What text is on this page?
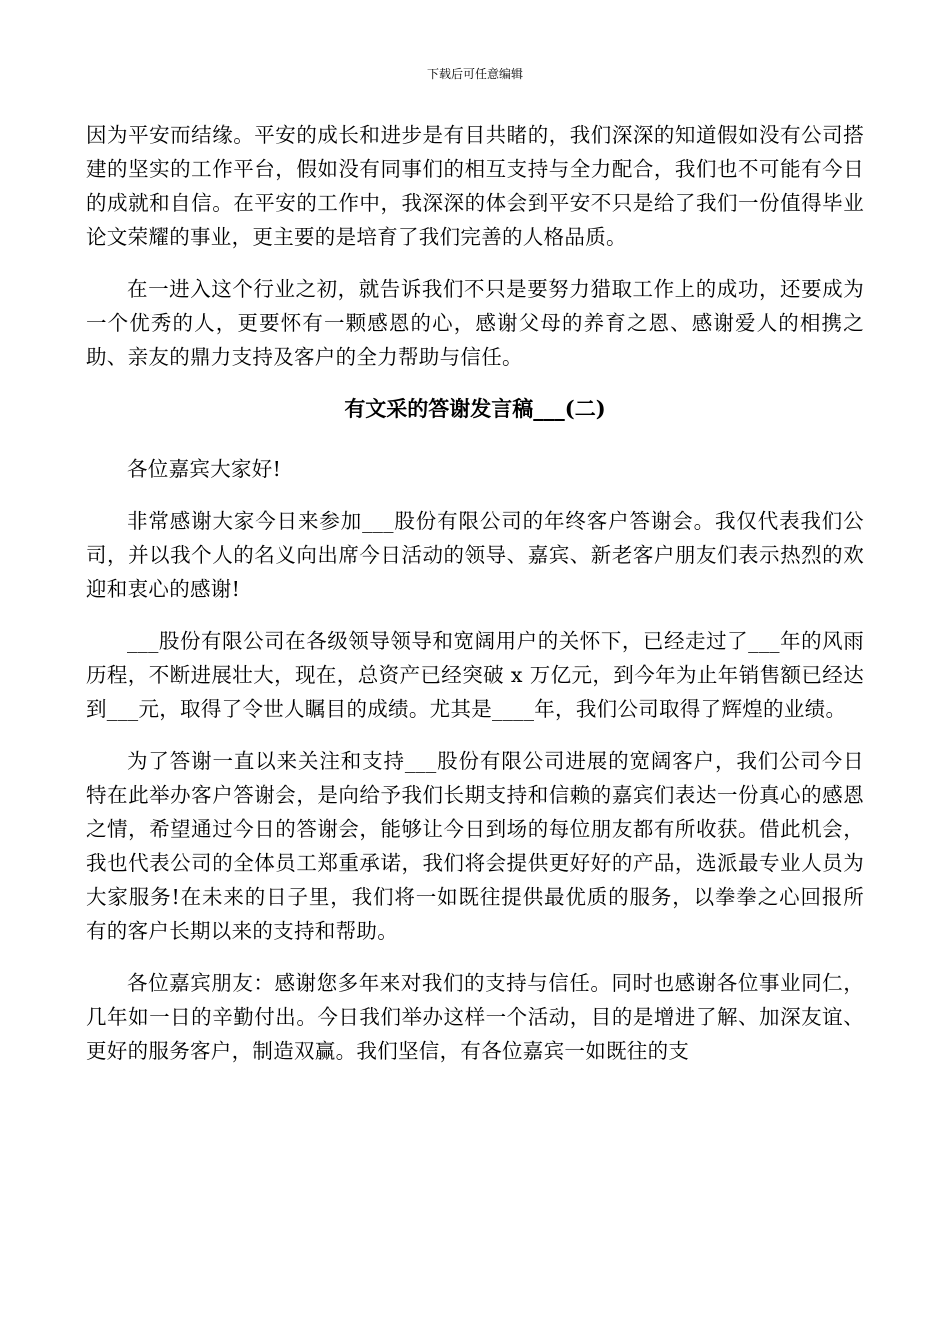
下载后可任意编辑

因为平安而结缘。平安的成长和进步是有目共睹的，我们深深的知道假如没有公司搭建的坚实的工作平台，假如没有同事们的相互支持与全力配合，我们也不可能有今日的成就和自信。在平安的工作中，我深深的体会到平安不只是给了我们一份值得毕业论文荣耀的事业，更主要的是培育了我们完善的人格品质。

在一进入这个行业之初，就告诉我们不只是要努力猎取工作上的成功，还要成为一个优秀的人，更要怀有一颗感恩的心，感谢父母的养育之恩、感谢爱人的相携之助、亲友的鼎力支持及客户的全力帮助与信任。

有文采的答谢发言稿___(二)

各位嘉宾大家好!

非常感谢大家今日来参加___股份有限公司的年终客户答谢会。我仅代表我们公司，并以我个人的名义向出席今日活动的领导、嘉宾、新老客户朋友们表示热烈的欢迎和衷心的感谢!

___股份有限公司在各级领导领导和宽阔用户的关怀下，已经走过了___年的风雨历程，不断进展壮大，现在，总资产已经突破 x 万亿元，到今年为止年销售额已经达到___元，取得了令世人瞩目的成绩。尤其是____年，我们公司取得了辉煌的业绩。

为了答谢一直以来关注和支持___股份有限公司进展的宽阔客户，我们公司今日特在此举办客户答谢会，是向给予我们长期支持和信赖的嘉宾们表达一份真心的感恩之情，希望通过今日的答谢会，能够让今日到场的每位朋友都有所收获。借此机会，我也代表公司的全体员工郑重承诺，我们将会提供更好好的产品，选派最专业人员为大家服务!在未来的日子里，我们将一如既往提供最优质的服务，以拳拳之心回报所有的客户长期以来的支持和帮助。

各位嘉宾朋友：感谢您多年来对我们的支持与信任。同时也感谢各位事业同仁，几年如一日的辛勤付出。今日我们举办这样一个活动，目的是增进了解、加深友谊、更好的服务客户，制造双赢。我们坚信，有各位嘉宾一如既往的支
